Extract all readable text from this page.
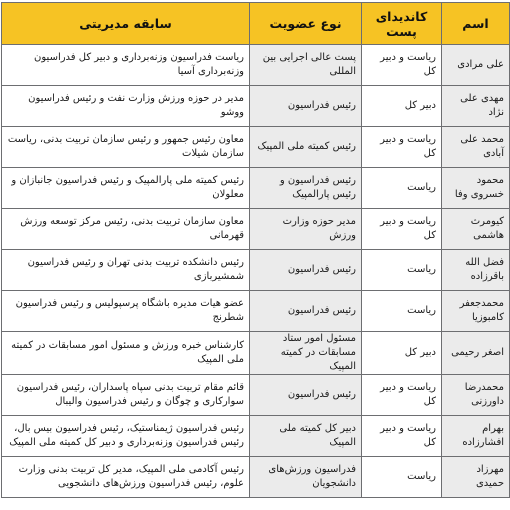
اسم	کاندیدای پست	نوع عضویت	سابقه مدیریتی
علی مرادی	ریاست و دبیر کل	پست عالی اجرایی بین المللی	ریاست فدراسیون وزنه‌برداری و دبیر کل فدراسیون وزنه‌برداری آسیا
مهدی علی نژاد	دبیر کل	رئیس فدراسیون	مدیر در حوزه ورزش وزارت نفت و رئیس فدراسیون ووشو
محمد علی آبادی	ریاست و دبیر کل	رئیس کمیته ملی المپیک	معاون رئیس جمهور و رئیس سازمان تربیت بدنی، ریاست سازمان شیلات
محمود خسروی وفا	ریاست	رئیس فدراسیون و رئیس پارالمپیک	رئیس کمیته ملی پارالمپیک و رئیس فدراسیون جانبازان و معلولان
کیومرث هاشمی	ریاست و دبیر کل	مدیر حوزه وزارت ورزش	معاون سازمان تربیت بدنی، رئیس مرکز توسعه ورزش قهرمانی
فضل الله باقرزاده	ریاست	رئیس فدراسیون	رئیس دانشکده تربیت بدنی تهران و رئیس فدراسیون شمشیربازی
محمدجعفر کامبوزیا	ریاست	رئیس فدراسیون	عضو هیات مدیره باشگاه پرسپولیس و رئیس فدراسیون شطرنج
اصغر رحیمی	دبیر کل	مسئول امور ستاد مسابقات در کمیته المپیک	کارشناس خبره ورزش و مسئول امور مسابقات در کمیته ملی المپیک
محمدرضا داورزنی	ریاست و دبیر کل	رئیس فدراسیون	قائم مقام تربیت بدنی سپاه پاسداران، رئیس فدراسیون سوارکاری و چوگان و رئیس فدراسیون والیبال
بهرام افشارزاده	ریاست و دبیر کل	دبیر کل کمیته ملی المپیک	رئیس فدراسیون ژیمناستیک، رئیس فدراسیون بیس بال، رئیس فدراسیون وزنه‌برداری و دبیر کل کمیته ملی المپیک
مهرزاد حمیدی	ریاست	فدراسیون ورزش‌های دانشجویان	رئیس آکادمی ملی المپیک، مدیر کل تربیت بدنی وزارت علوم، رئیس فدراسیون ورزش‌های دانشجویی
